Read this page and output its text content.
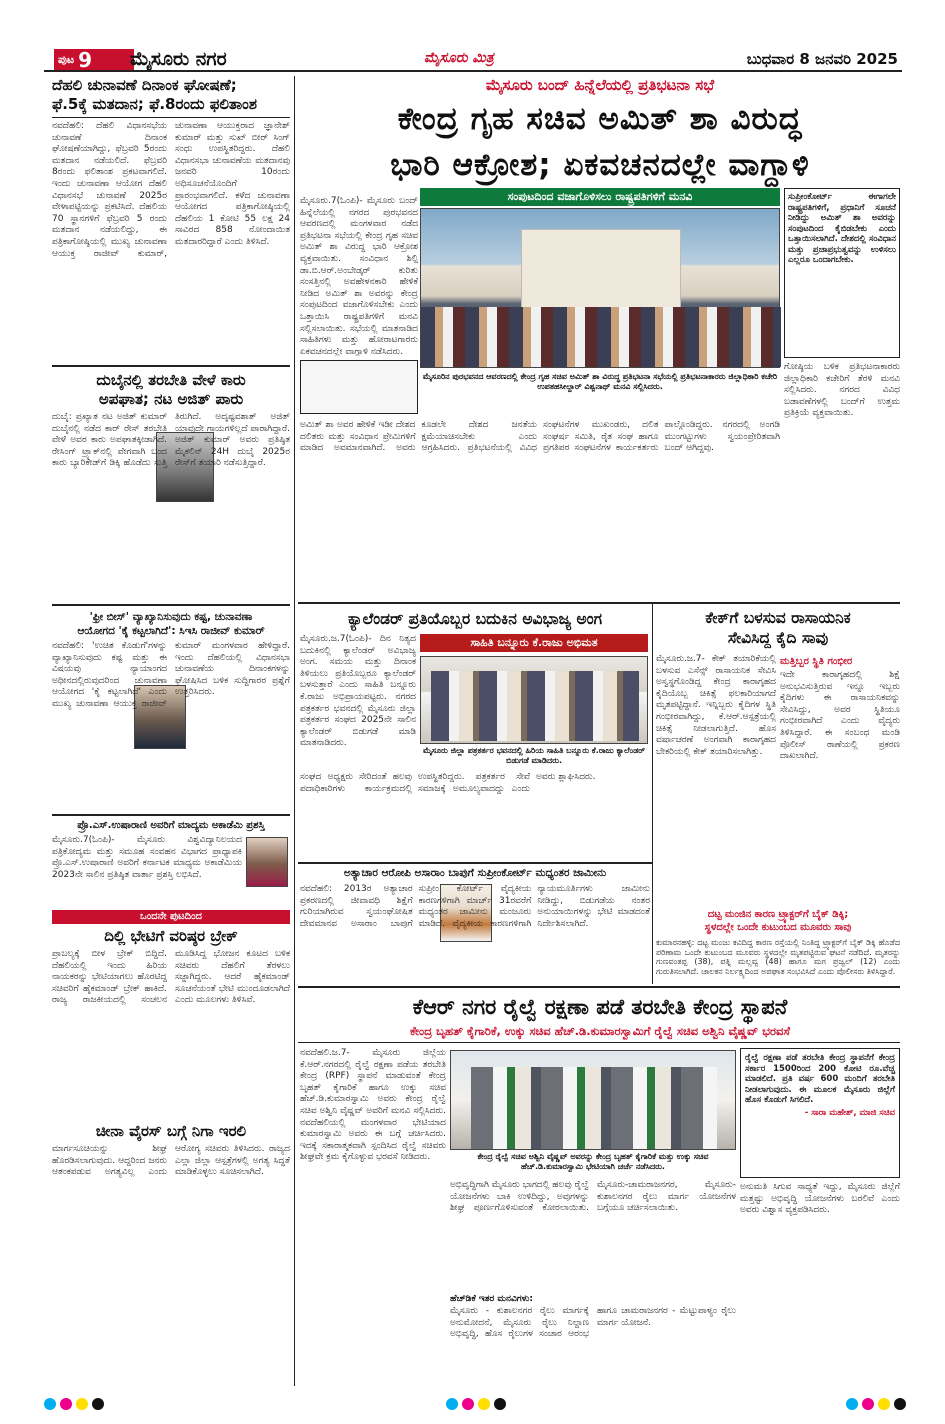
ಪುಟ 9 ಮೈಸೂರು ನಗರ	ಮೈಸೂರು ಮಿತ್ರ	ಬುಧವಾರ 8 ಜನವರಿ 2025
ದೆಹಲಿ ಚುನಾವಣೆ ದಿನಾಂಕ ಘೋಷಣೆ;
ಫೆ.5ಕ್ಕೆ ಮತದಾನ; ಫೆ.8ರಂದು ಫಲಿತಾಂಶ
ನವದೆಹಲಿ: ದೆಹಲಿ ವಿಧಾನಸಭೆಯ ಚುನಾವಣೆ ದಿನಾಂಕ ಘೋಷಣೆಯಾಗಿದ್ದು, ಫೆಬ್ರವರಿ 5ರಂದು ಮತದಾನ ನಡೆಯಲಿದೆ. ಫೆಬ್ರವರಿ 8ರಂದು ಫಲಿತಾಂಶ ಪ್ರಕಟವಾಗಲಿದೆ. ಇಂದು ಚುನಾವಣಾ ಆಯೋಗ ದೆಹಲಿ ವಿಧಾನಸಭೆ ಚುನಾವಣೆ 2025ರ ವೇಳಾಪಟ್ಟಿಯನ್ನು ಪ್ರಕಟಿಸಿದೆ. ದೆಹಲಿಯ 70 ಸ್ಥಾನಗಳಿಗೆ ಫೆಬ್ರವರಿ 5 ರಂದು ಮತದಾನ ನಡೆಯಲಿದ್ದು, ಈ ಪತ್ರಿಕಾಗೋಷ್ಠಿಯಲ್ಲಿ ಮುಖ್ಯ ಚುನಾವಣಾ ಆಯುಕ್ತ ರಾಜೀವ್ ಕುಮಾರ್, ಚುನಾವಣಾ ಆಯುಕ್ತರಾದ ಜ್ಞಾನೇಶ್ ಕುಮಾರ್ ಮತ್ತು ಸುಖ್ ಬೀರ್ ಸಿಂಗ್ ಸಂಧು ಉಪಸ್ಥಿತರಿದ್ದರು. ದೆಹಲಿ ವಿಧಾನಸಭಾ ಚುನಾವಣೆಯ ಮತದಾನವು ಜನವರಿ 10ರಂದು ಅಧಿಸೂಚನೆಯೊಂದಿಗೆ ಪ್ರಾರಂಭವಾಗಲಿದೆ. ಕಳೆದ ಚುನಾವಣಾ ಆಯೋಗದ ಪತ್ರಿಕಾಗೋಷ್ಠಿಯಲ್ಲಿ ದೆಹಲಿಯ 1 ಕೋಟಿ 55 ಲಕ್ಷ 24 ಸಾವಿರದ 858 ನೋಂದಾಯಿತ ಮತದಾರರಿದ್ದಾರೆ ಎಂದು ತಿಳಿಸಿದೆ.
ದುಬೈನಲ್ಲಿ ತರಬೇತಿ ವೇಳೆ ಕಾರು
ಅಪಘಾತ; ನಟ ಅಜಿತ್ ಪಾರು
ದುಬೈ: ಪ್ರಖ್ಯಾತ ನಟ ಅಜಿತ್ ಕುಮಾರ್ ದುಬೈನಲ್ಲಿ ನಡೆದ ಕಾರ್ ರೇಸ್ ತರಬೇತಿ ವೇಳೆ ಅವರ ಕಾರು ಅಪಘಾತಕ್ಕೀಡಾಗಿದೆ. ರೇಸಿಂಗ್ ಟ್ರ್ಯಾಕ್‌ನಲ್ಲಿ ವೇಗವಾಗಿ ಬಂದ ಕಾರು ಬ್ಯಾರಿಕೇಡ್‌ಗೆ ಡಿಕ್ಕಿ ಹೊಡೆದು ಸುತ್ತಿ ತಿರುಗಿದೆ. ಅದೃಷ್ಟವಶಾತ್ ಅಜಿತ್ ಯಾವುದೇ ಗಾಯಗಳಿಲ್ಲದೆ ಪಾರಾಗಿದ್ದಾರೆ. ಅಜಿತ್ ಕುಮಾರ್ ಅವರು ಪ್ರತಿಷ್ಠಿತ ಮೈಕಲಿನ್ 24H ದುಬೈ 2025ರ ರೇಸ್‌ಗೆ ತಯಾರಿ ನಡೆಸುತ್ತಿದ್ದಾರೆ.
'ಫ್ರೀ ಬೀಸ್' ವ್ಯಾಖ್ಯಾನಿಸುವುದು ಕಷ್ಟ, ಚುನಾವಣಾ
ಆಯೋಗದ 'ಕೈ ಕಟ್ಟಲಾಗಿದೆ': ಸಿಇಸಿ ರಾಜೀವ್ ಕುಮಾರ್
ನವದೆಹಲಿ: 'ಉಚಿತ ಕೊಡುಗೆ'ಗಳನ್ನು ವ್ಯಾಖ್ಯಾನಿಸುವುದು ಕಷ್ಟ ಮತ್ತು ಈ ವಿಷಯವು ನ್ಯಾಯಾಂಗದ ಅಧೀನದಲ್ಲಿರುವುದರಿಂದ ಚುನಾವಣಾ ಆಯೋಗದ 'ಕೈ ಕಟ್ಟಲಾಗಿದೆ' ಎಂದು ಮುಖ್ಯ ಚುನಾವಣಾ ಆಯುಕ್ತ ರಾಜೀವ್ ಕುಮಾರ್ ಮಂಗಳವಾರ ಹೇಳಿದ್ದಾರೆ. ಇಂದು ದೆಹಲಿಯಲ್ಲಿ ವಿಧಾನಸಭಾ ಚುನಾವಣೆಯ ದಿನಾಂಕಗಳನ್ನು ಘೋಷಿಸಿದ ಬಳಿಕ ಸುದ್ದಿಗಾರರ ಪ್ರಶ್ನೆಗೆ ಉತ್ತರಿಸಿದರು.
ಪ್ರೊ.ಎಸ್.ಉಷಾರಾಣಿ ಅವರಿಗೆ ಮಾದ್ಯಮ ಅಕಾಡೆಮಿ ಪ್ರಶಸ್ತಿ
ಮೈಸೂರು.7(ಓಂಪಿ)- ಮೈಸೂರು ವಿಶ್ವವಿದ್ಯಾನಿಲಯದ ಪತ್ರಿಕೋದ್ಯಮ ಮತ್ತು ಸಮೂಹ ಸಂವಹನ ವಿಭಾಗದ ಪ್ರಾಧ್ಯಾಪಕಿ ಪ್ರೊ.ಎಸ್.ಉಷಾರಾಣಿ ಅವರಿಗೆ ಕರ್ನಾಟಕ ಮಾಧ್ಯಮ ಅಕಾಡೆಮಿಯ 2023ನೇ ಸಾಲಿನ ಪ್ರತಿಷ್ಠಿತ ವಾರ್ತಾ ಪ್ರಶಸ್ತಿ ಲಭಿಸಿದೆ.
ಒಂದನೇ ಪುಟದಿಂದ
ದಿಲ್ಲಿ ಭೇಟಿಗೆ ವರಿಷ್ಠರ ಬ್ರೇಕ್
ಪ್ರಾಬಲ್ಯಕ್ಕೆ ಬೀಳ ಬ್ರೇಕ್ ಬಿದ್ದಿದೆ. ದೆಹಲಿಯಲ್ಲಿ ಇಂದು ಹಿರಿಯ ನಾಯಕರನ್ನು ಭೇಟಿಯಾಗಲು ಹೊರಟಿದ್ದ ಸಚಿವರಿಗೆ ಹೈಕಮಾಂಡ್ ಬ್ರೇಕ್ ಹಾಕಿದೆ. ರಾಜ್ಯ ರಾಜಕೀಯದಲ್ಲಿ ಸಂಚಲನ ಮೂಡಿಸಿದ್ದ ಭೋಜನ ಕೂಟದ ಬಳಿಕ ಸಚಿವರು ದೆಹಲಿಗೆ ತೆರಳಲು ಸಜ್ಜಾಗಿದ್ದರು. ಆದರೆ ಹೈಕಮಾಂಡ್ ಸೂಚನೆಯಂತೆ ಭೇಟಿ ಮುಂದೂಡಲಾಗಿದೆ ಎಂದು ಮೂಲಗಳು ತಿಳಿಸಿವೆ.
ಚೀನಾ ವೈರಸ್ ಬಗ್ಗೆ ನಿಗಾ ಇರಲಿ
ಮಾರ್ಗಸೂಚಿಯನ್ನು ಶೀಘ್ರ ಹೊರಡಿಸಲಾಗುವುದು. ಆದ್ದರಿಂದ ಜನರು ಆತಂಕಪಡುವ ಅಗತ್ಯವಿಲ್ಲ ಎಂದು ಆರೋಗ್ಯ ಸಚಿವರು ತಿಳಿಸಿದರು. ರಾಜ್ಯದ ಎಲ್ಲಾ ಜಿಲ್ಲಾ ಆಸ್ಪತ್ರೆಗಳಲ್ಲಿ ಅಗತ್ಯ ಸಿದ್ಧತೆ ಮಾಡಿಕೊಳ್ಳಲು ಸೂಚಿಸಲಾಗಿದೆ.
ಮೈಸೂರು ಬಂದ್ ಹಿನ್ನೆಲೆಯಲ್ಲಿ ಪ್ರತಿಭಟನಾ ಸಭೆ
ಕೇಂದ್ರ ಗೃಹ ಸಚಿವ ಅಮಿತ್ ಶಾ ವಿರುದ್ಧ
ಭಾರಿ ಆಕ್ರೋಶ; ಏಕವಚನದಲ್ಲೇ ವಾಗ್ದಾಳಿ
ಮೈಸೂರು.7(ಓಂಪಿ)- ಮೈಸೂರು ಬಂದ್ ಹಿನ್ನೆಲೆಯಲ್ಲಿ ನಗರದ ಪುರಭವನದ ಆವರಣದಲ್ಲಿ ಮಂಗಳವಾರ ನಡೆದ ಪ್ರತಿಭಟನಾ ಸಭೆಯಲ್ಲಿ ಕೇಂದ್ರ ಗೃಹ ಸಚಿವ ಅಮಿತ್ ಶಾ ವಿರುದ್ಧ ಭಾರಿ ಆಕ್ರೋಶ ವ್ಯಕ್ತವಾಯಿತು. ಸಂವಿಧಾನ ಶಿಲ್ಪಿ ಡಾ.ಬಿ.ಆರ್.ಅಂಬೇಡ್ಕರ್ ಕುರಿತು ಸಂಸತ್ತಿನಲ್ಲಿ ಅವಹೇಳನಕಾರಿ ಹೇಳಿಕೆ ನೀಡಿದ ಅಮಿತ್ ಶಾ ಅವರನ್ನು ಕೇಂದ್ರ ಸಂಪುಟದಿಂದ ವಜಾಗೊಳಿಸಬೇಕು ಎಂದು ಒತ್ತಾಯಿಸಿ ರಾಷ್ಟ್ರಪತಿಗಳಿಗೆ ಮನವಿ ಸಲ್ಲಿಸಲಾಯಿತು. ಸಭೆಯಲ್ಲಿ ಮಾತನಾಡಿದ ಸಾಹಿತಿಗಳು ಮತ್ತು ಹೋರಾಟಗಾರರು ಏಕವಚನದಲ್ಲೇ ವಾಗ್ದಾಳಿ ನಡೆಸಿದರು.
ಸಂಪುಟದಿಂದ ವಜಾಗೊಳಿಸಲು ರಾಷ್ಟ್ರಪತಿಗಳಿಗೆ ಮನವಿ
ಮೈಸೂರಿನ ಪುರಭವನದ ಆವರಣದಲ್ಲಿ ಕೇಂದ್ರ ಗೃಹ ಸಚಿವ ಅಮಿತ್ ಶಾ ವಿರುದ್ಧ ಪ್ರತಿಭಟನಾ ಸಭೆಯಲ್ಲಿ ಪ್ರತಿಭಟನಾಕಾರರು ಜಿಲ್ಲಾಧಿಕಾರಿ ಕಚೇರಿ ಉಪತಹಸೀಲ್ದಾರ್ ವಿಶ್ವನಾಥ್ ಮನವಿ ಸಲ್ಲಿಸಿದರು.
ಸುಪ್ರೀಂಕೋರ್ಟ್ ಈಗಾಗಲೇ ರಾಷ್ಟ್ರಪತಿಗಳಿಗೆ, ಪ್ರಧಾನಿಗೆ ಸೂಚನೆ ನೀಡಿದ್ದು ಅಮಿತ್ ಶಾ ಅವರನ್ನು ಸಂಪುಟದಿಂದ ಕೈಬಿಡಬೇಕು ಎಂದು ಒತ್ತಾಯಿಸಲಾಗಿದೆ. ದೇಶದಲ್ಲಿ ಸಂವಿಧಾನ ಮತ್ತು ಪ್ರಜಾಪ್ರಭುತ್ವವನ್ನು ಉಳಿಸಲು ಎಲ್ಲರೂ ಒಂದಾಗಬೇಕು.
ಗೋಷ್ಠಿಯ ಬಳಿಕ ಪ್ರತಿಭಟನಾಕಾರರು ಜಿಲ್ಲಾಧಿಕಾರಿ ಕಚೇರಿಗೆ ತೆರಳಿ ಮನವಿ ಸಲ್ಲಿಸಿದರು. ನಗರದ ವಿವಿಧ ಬಡಾವಣೆಗಳಲ್ಲಿ ಬಂದ್‌ಗೆ ಉತ್ತಮ ಪ್ರತಿಕ್ರಿಯೆ ವ್ಯಕ್ತವಾಯಿತು.
ಅಮಿತ್ ಶಾ ಅವರ ಹೇಳಿಕೆ ಇಡೀ ದೇಶದ ದಲಿತರು ಮತ್ತು ಸಂವಿಧಾನ ಪ್ರೇಮಿಗಳಿಗೆ ಮಾಡಿದ ಅವಮಾನವಾಗಿದೆ. ಅವರು ಕೂಡಲೇ ದೇಶದ ಜನತೆಯ ಕ್ಷಮೆಯಾಚಿಸಬೇಕು ಎಂದು ಆಗ್ರಹಿಸಿದರು. ಪ್ರತಿಭಟನೆಯಲ್ಲಿ ವಿವಿಧ ಸಂಘಟನೆಗಳ ಮುಖಂಡರು, ದಲಿತ ಸಂಘರ್ಷ ಸಮಿತಿ, ರೈತ ಸಂಘ ಹಾಗೂ ಪ್ರಗತಿಪರ ಸಂಘಟನೆಗಳ ಕಾರ್ಯಕರ್ತರು ಪಾಲ್ಗೊಂಡಿದ್ದರು. ನಗರದಲ್ಲಿ ಅಂಗಡಿ ಮುಂಗಟ್ಟುಗಳು ಸ್ವಯಂಪ್ರೇರಿತವಾಗಿ ಬಂದ್ ಆಗಿದ್ದವು.
ಕ್ಯಾಲೆಂಡರ್ ಪ್ರತಿಯೊಬ್ಬರ ಬದುಕಿನ ಅವಿಭಾಜ್ಯ ಅಂಗ
ಸಾಹಿತಿ ಬನ್ನೂರು ಕೆ.ರಾಜು ಅಭಿಮತ
ಮೈಸೂರು.ಜ.7(ಓಂಪಿ)- ದಿನ ನಿತ್ಯದ ಬದುಕಿನಲ್ಲಿ ಕ್ಯಾಲೆಂಡರ್ ಅವಿಭಾಜ್ಯ ಅಂಗ. ಸಮಯ ಮತ್ತು ದಿನಾಂಕ ತಿಳಿಯಲು ಪ್ರತಿಯೊಬ್ಬರೂ ಕ್ಯಾಲೆಂಡರ್ ಬಳಸುತ್ತಾರೆ ಎಂದು ಸಾಹಿತಿ ಬನ್ನೂರು ಕೆ.ರಾಜು ಅಭಿಪ್ರಾಯಪಟ್ಟರು. ನಗರದ ಪತ್ರಕರ್ತರ ಭವನದಲ್ಲಿ ಮೈಸೂರು ಜಿಲ್ಲಾ ಪತ್ರಕರ್ತರ ಸಂಘದ 2025ನೇ ಸಾಲಿನ ಕ್ಯಾಲೆಂಡರ್ ಬಿಡುಗಡೆ ಮಾಡಿ ಮಾತನಾಡಿದರು.
ಮೈಸೂರು ಜಿಲ್ಲಾ ಪತ್ರಕರ್ತರ ಭವನದಲ್ಲಿ ಹಿರಿಯ ಸಾಹಿತಿ ಬನ್ನೂರು ಕೆ.ರಾಜು ಕ್ಯಾಲೆಂಡರ್ ಬಿಡುಗಡೆ ಮಾಡಿದರು.
ಸಂಘದ ಅಧ್ಯಕ್ಷರು ಸೇರಿದಂತೆ ಹಲವು ಪದಾಧಿಕಾರಿಗಳು ಕಾರ್ಯಕ್ರಮದಲ್ಲಿ ಉಪಸ್ಥಿತರಿದ್ದರು. ಪತ್ರಕರ್ತರ ಸೇವೆ ಸಮಾಜಕ್ಕೆ ಅಮೂಲ್ಯವಾದದ್ದು ಎಂದು ಅವರು ಶ್ಲಾಘಿಸಿದರು.
ಅತ್ಯಾಚಾರ ಆರೋಪಿ ಅಸಾರಾಂ ಬಾಪುಗೆ ಸುಪ್ರೀಂಕೋರ್ಟ್ ಮಧ್ಯಂತರ ಜಾಮೀನು
ನವದೆಹಲಿ: 2013ರ ಅತ್ಯಾಚಾರ ಪ್ರಕರಣದಲ್ಲಿ ಜೀವಾವಧಿ ಶಿಕ್ಷೆಗೆ ಗುರಿಯಾಗಿರುವ ಸ್ವಯಂಘೋಷಿತ ದೇವಮಾನವ ಅಸಾರಾಂ ಬಾಪುಗೆ ಸುಪ್ರೀಂ ಕೋರ್ಟ್ ವೈದ್ಯಕೀಯ ಕಾರಣಗಳಿಗಾಗಿ ಮಾರ್ಚ್ 31ರವರೆಗೆ ಮಧ್ಯಂತರ ಜಾಮೀನು ಮಂಜೂರು ಮಾಡಿದೆ. ವೈದ್ಯಕೀಯ ಕಾರಣಗಳಿಗಾಗಿ ನ್ಯಾಯಮೂರ್ತಿಗಳು ಜಾಮೀನು ನೀಡಿದ್ದು, ಬಿಡುಗಡೆಯ ನಂತರ ಅನುಯಾಯಿಗಳನ್ನು ಭೇಟಿ ಮಾಡದಂತೆ ನಿರ್ದೇಶಿಸಲಾಗಿದೆ.
ಕೇಕ್‌ಗೆ ಬಳಸುವ ರಾಸಾಯನಿಕ
ಸೇವಿಸಿದ್ದ ಕೈದಿ ಸಾವು
ಮೈಸೂರು.ಜ.7- ಕೇಕ್ ತಯಾರಿಕೆಯಲ್ಲಿ ಬಳಸುವ ಎಸೆನ್ಸ್ ರಾಸಾಯನಿಕ ಸೇವಿಸಿ ಅಸ್ವಸ್ಥಗೊಂಡಿದ್ದ ಕೇಂದ್ರ ಕಾರಾಗೃಹದ ಕೈದಿಯೊಬ್ಬ ಚಿಕಿತ್ಸೆ ಫಲಕಾರಿಯಾಗದೆ ಮೃತಪಟ್ಟಿದ್ದಾನೆ. ಇನ್ನಿಬ್ಬರು ಕೈದಿಗಳ ಸ್ಥಿತಿ ಗಂಭೀರವಾಗಿದ್ದು, ಕೆ.ಆರ್.ಆಸ್ಪತ್ರೆಯಲ್ಲಿ ಚಿಕಿತ್ಸೆ ನೀಡಲಾಗುತ್ತಿದೆ. ಹೊಸ ವರ್ಷಾಚರಣೆ ಅಂಗವಾಗಿ ಕಾರಾಗೃಹದ ಬೇಕರಿಯಲ್ಲಿ ಕೇಕ್ ತಯಾರಿಸಲಾಗಿತ್ತು.
ಮತ್ತಿಬ್ಬರ ಸ್ಥಿತಿ ಗಂಭೀರ
ಇದೇ ಕಾರಾಗೃಹದಲ್ಲಿ ಶಿಕ್ಷೆ ಅನುಭವಿಸುತ್ತಿರುವ ಇನ್ನೂ ಇಬ್ಬರು ಕೈದಿಗಳು ಈ ರಾಸಾಯನಿಕವನ್ನು ಸೇವಿಸಿದ್ದು, ಅವರ ಸ್ಥಿತಿಯೂ ಗಂಭೀರವಾಗಿದೆ ಎಂದು ವೈದ್ಯರು ತಿಳಿಸಿದ್ದಾರೆ. ಈ ಸಂಬಂಧ ಮಂಡಿ ಪೊಲೀಸ್ ಠಾಣೆಯಲ್ಲಿ ಪ್ರಕರಣ ದಾಖಲಾಗಿದೆ.
ದಟ್ಟ ಮಂಜಿನ ಕಾರಣ ಟ್ರ್ಯಾಕ್ಟರ್‌ಗೆ ಬೈಕ್ ಡಿಕ್ಕಿ;
ಸ್ಥಳದಲ್ಲೇ ಒಂದೇ ಕುಟುಂಬದ ಮೂವರು ಸಾವು
ಕುಮಾರನಹಳ್ಳಿ: ದಟ್ಟ ಮಂಜು ಕವಿದಿದ್ದ ಕಾರಣ ರಸ್ತೆಯಲ್ಲಿ ನಿಂತಿದ್ದ ಟ್ರ್ಯಾಕ್ಟರ್‌ಗೆ ಬೈಕ್ ಡಿಕ್ಕಿ ಹೊಡೆದ ಪರಿಣಾಮ ಒಂದೇ ಕುಟುಂಬದ ಮೂವರು ಸ್ಥಳದಲ್ಲೇ ಮೃತಪಟ್ಟಿರುವ ಘಟನೆ ನಡೆದಿದೆ. ಮೃತರನ್ನು ಗುಣವಂತಪ್ಪ (38), ಪತ್ನಿ ಮಲ್ಲವ್ವ (48) ಹಾಗೂ ಮಗ ಪ್ರಜ್ವಲ್ (12) ಎಂದು ಗುರುತಿಸಲಾಗಿದೆ. ಚಾಲಕನ ನಿರ್ಲಕ್ಷ್ಯದಿಂದ ಅಪಘಾತ ಸಂಭವಿಸಿದೆ ಎಂದು ಪೊಲೀಸರು ತಿಳಿಸಿದ್ದಾರೆ.
ಕೆಆರ್ ನಗರ ರೈಲ್ವೆ ರಕ್ಷಣಾ ಪಡೆ ತರಬೇತಿ ಕೇಂದ್ರ ಸ್ಥಾಪನೆ
ಕೇಂದ್ರ ಬೃಹತ್ ಕೈಗಾರಿಕೆ, ಉಕ್ಕು ಸಚಿವ ಹೆಚ್.ಡಿ.ಕುಮಾರಸ್ವಾಮಿಗೆ ರೈಲ್ವೆ ಸಚಿವ ಅಶ್ವಿನಿ ವೈಷ್ಣವ್ ಭರವಸೆ
ನವದೆಹಲಿ.ಜ.7- ಮೈಸೂರು ಜಿಲ್ಲೆಯ ಕೆ.ಆರ್.ನಗರದಲ್ಲಿ ರೈಲ್ವೆ ರಕ್ಷಣಾ ಪಡೆಯ ತರಬೇತಿ ಕೇಂದ್ರ (RPF) ಸ್ಥಾಪನೆ ಮಾಡುವಂತೆ ಕೇಂದ್ರ ಬೃಹತ್ ಕೈಗಾರಿಕೆ ಹಾಗೂ ಉಕ್ಕು ಸಚಿವ ಹೆಚ್.ಡಿ.ಕುಮಾರಸ್ವಾಮಿ ಅವರು ಕೇಂದ್ರ ರೈಲ್ವೆ ಸಚಿವ ಅಶ್ವಿನಿ ವೈಷ್ಣವ್ ಅವರಿಗೆ ಮನವಿ ಸಲ್ಲಿಸಿದರು. ನವದೆಹಲಿಯಲ್ಲಿ ಮಂಗಳವಾರ ಭೇಟಿಯಾದ ಕುಮಾರಸ್ವಾಮಿ ಅವರು ಈ ಬಗ್ಗೆ ಚರ್ಚಿಸಿದರು. ಇದಕ್ಕೆ ಸಕಾರಾತ್ಮಕವಾಗಿ ಸ್ಪಂದಿಸಿದ ರೈಲ್ವೆ ಸಚಿವರು ಶೀಘ್ರವೇ ಕ್ರಮ ಕೈಗೊಳ್ಳುವ ಭರವಸೆ ನೀಡಿದರು.	ಕೇಂದ್ರ ರೈಲ್ವೆ ಸಚಿವ ಅಶ್ವಿನಿ ವೈಷ್ಣವ್ ಅವರನ್ನು ಕೇಂದ್ರ ಬೃಹತ್ ಕೈಗಾರಿಕೆ ಮತ್ತು ಉಕ್ಕು ಸಚಿವ ಹೆಚ್.ಡಿ.ಕುಮಾರಸ್ವಾಮಿ ಭೇಟಿಯಾಗಿ ಚರ್ಚೆ ನಡೆಸಿದರು.
ಅಭಿವೃದ್ಧಿಗಾಗಿ ಮೈಸೂರು ಭಾಗದಲ್ಲಿ ಹಲವು ರೈಲ್ವೆ ಯೋಜನೆಗಳು ಬಾಕಿ ಉಳಿದಿದ್ದು, ಅವುಗಳನ್ನು ಶೀಘ್ರ ಪೂರ್ಣಗೊಳಿಸುವಂತೆ ಕೋರಲಾಯಿತು. ಮೈಸೂರು-ಚಾಮರಾಜನಗರ, ಮೈಸೂರು-ಕುಶಾಲನಗರ ರೈಲು ಮಾರ್ಗ ಯೋಜನೆಗಳ ಬಗ್ಗೆಯೂ ಚರ್ಚಿಸಲಾಯಿತು.
ಹೆಚ್‌ಡಿಕೆ ಇತರ ಮನವಿಗಳು:
ಮೈಸೂರು - ಕುಶಾಲನಗರ ರೈಲು ಮಾರ್ಗಕ್ಕೆ ಅನುಮೋದನೆ, ಮೈಸೂರು ರೈಲು ನಿಲ್ದಾಣ ಅಭಿವೃದ್ಧಿ, ಹೊಸ ರೈಲುಗಳ ಸಂಚಾರ ಆರಂಭ ಹಾಗೂ ಚಾಮರಾಜನಗರ - ಮೆಟ್ಟುಪಾಳ್ಯಂ ರೈಲು ಮಾರ್ಗ ಯೋಜನೆ.
ರೈಲ್ವೆ ರಕ್ಷಣಾ ಪಡೆ ತರಬೇತಿ ಕೇಂದ್ರ ಸ್ಥಾಪನೆಗೆ ಕೇಂದ್ರ ಸರ್ಕಾರ 1500ರಿಂದ 200 ಕೋಟಿ ರೂ.ವೆಚ್ಚ ಮಾಡಲಿದೆ. ಪ್ರತಿ ವರ್ಷ 600 ಮಂದಿಗೆ ತರಬೇತಿ ನೀಡಲಾಗುವುದು. ಈ ಮೂಲಕ ಮೈಸೂರು ಜಿಲ್ಲೆಗೆ ಹೊಸ ಕೊಡುಗೆ ಸಿಗಲಿದೆ.
- ಸಾರಾ ಮಹೇಶ್, ಮಾಜಿ ಸಚಿವ
ಅನುಮತಿ ಸಿಗುವ ಸಾಧ್ಯತೆ ಇದ್ದು, ಮೈಸೂರು ಜಿಲ್ಲೆಗೆ ಮತ್ತಷ್ಟು ಅಭಿವೃದ್ಧಿ ಯೋಜನೆಗಳು ಬರಲಿವೆ ಎಂದು ಅವರು ವಿಶ್ವಾಸ ವ್ಯಕ್ತಪಡಿಸಿದರು.
